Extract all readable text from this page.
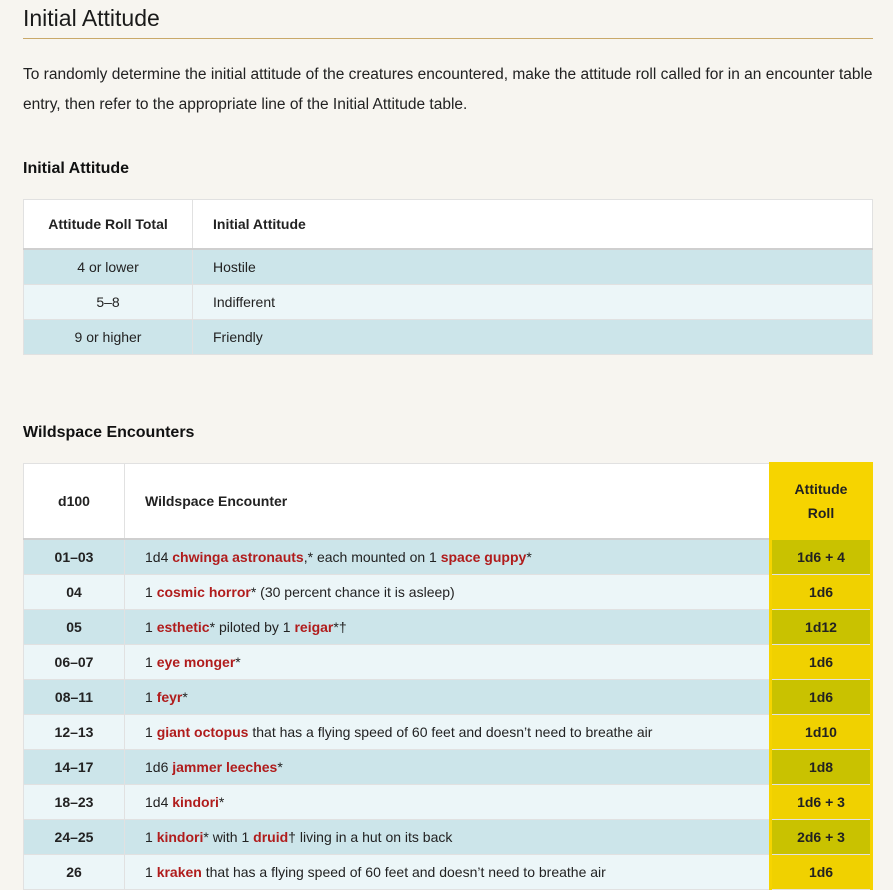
Initial Attitude

To randomly determine the initial attitude of the creatures encountered, make the attitude roll called for in an encounter table entry, then refer to the appropriate line of the Initial Attitude table.

Initial Attitude
Attitude Roll Total	Initial Attitude
4 or lower	Hostile
5–8	Indifferent
9 or higher	Friendly
Wildspace Encounters
d100	Wildspace Encounter	Attitude Roll
01–03	1d4 chwinga astronauts,* each mounted on 1 space guppy*	1d6 + 4
04	1 cosmic horror* (30 percent chance it is asleep)	1d6
05	1 esthetic* piloted by 1 reigar*†	1d12
06–07	1 eye monger*	1d6
08–11	1 feyr*	1d6
12–13	1 giant octopus that has a flying speed of 60 feet and doesn’t need to breathe air	1d10
14–17	1d6 jammer leeches*	1d8
18–23	1d4 kindori*	1d6 + 3
24–25	1 kindori* with 1 druid† living in a hut on its back	2d6 + 3
26	1 kraken that has a flying speed of 60 feet and doesn’t need to breathe air	1d6
